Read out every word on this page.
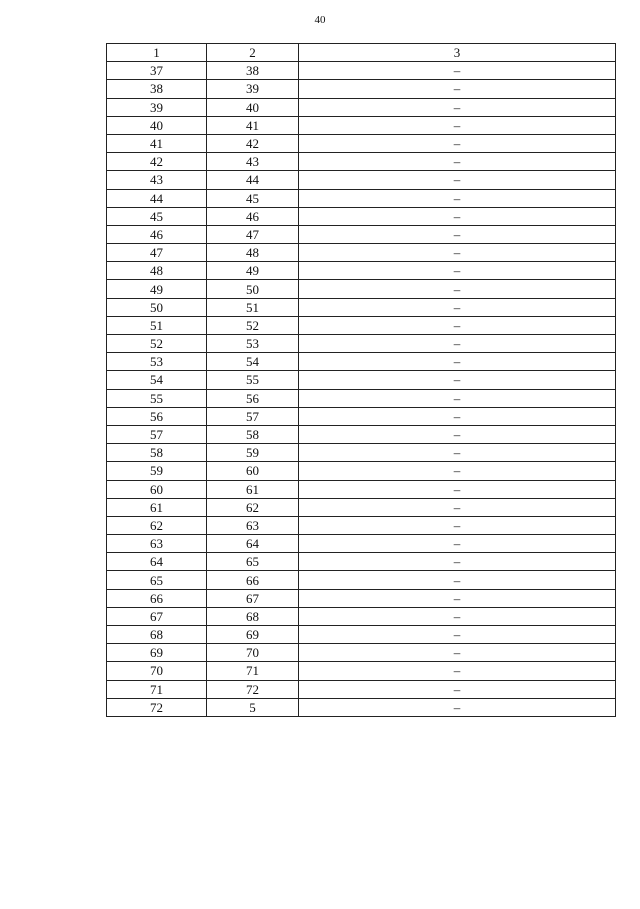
40
1	2	3
37	38	–
38	39	–
39	40	–
40	41	–
41	42	–
42	43	–
43	44	–
44	45	–
45	46	–
46	47	–
47	48	–
48	49	–
49	50	–
50	51	–
51	52	–
52	53	–
53	54	–
54	55	–
55	56	–
56	57	–
57	58	–
58	59	–
59	60	–
60	61	–
61	62	–
62	63	–
63	64	–
64	65	–
65	66	–
66	67	–
67	68	–
68	69	–
69	70	–
70	71	–
71	72	–
72	5	–
